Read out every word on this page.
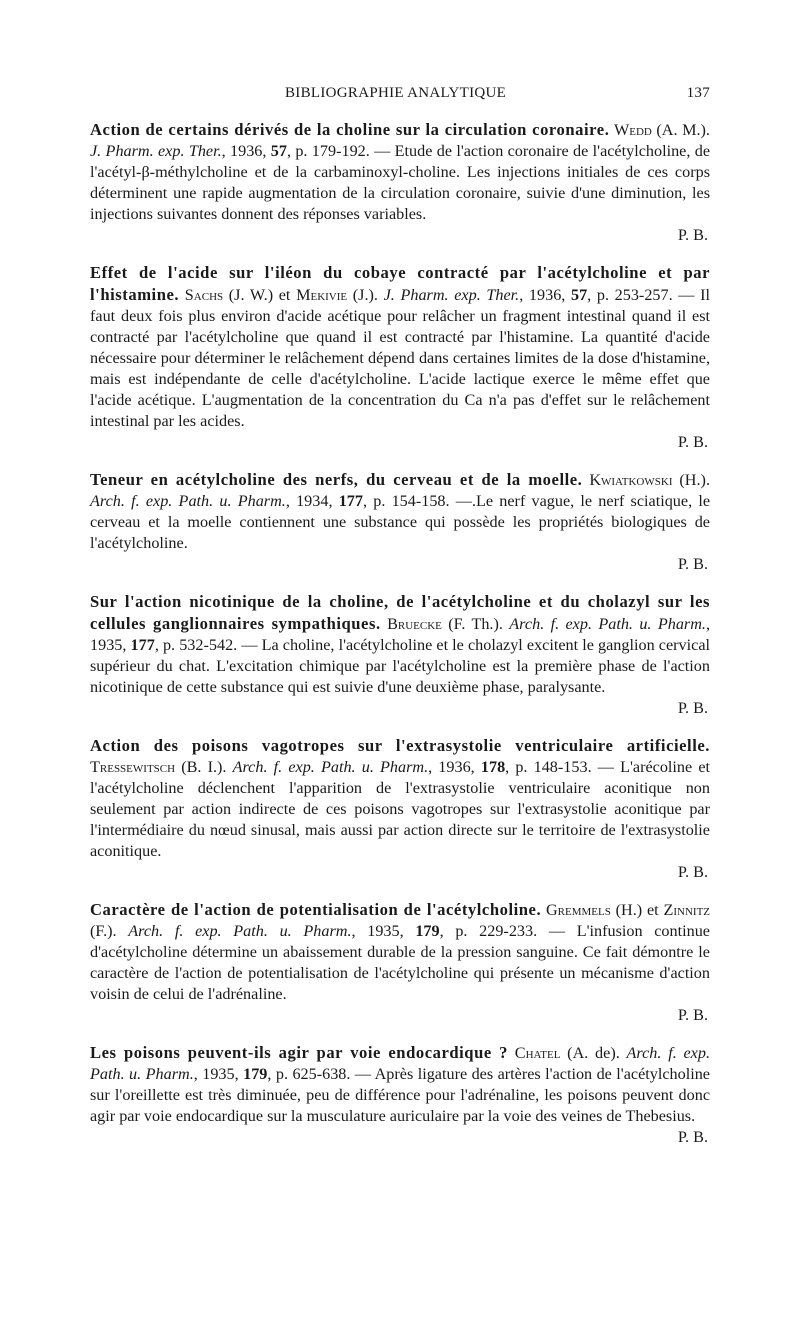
BIBLIOGRAPHIE ANALYTIQUE	137
Action de certains dérivés de la choline sur la circulation coronaire. Wedd (A. M.). J. Pharm. exp. Ther., 1936, 57, p. 179-192. — Etude de l'action coronaire de l'acétylcholine, de l'acétyl-β-méthylcholine et de la carbaminoxyl-choline. Les injections initiales de ces corps déterminent une rapide augmentation de la circulation coronaire, suivie d'une diminution, les injections suivantes donnent des réponses variables.
P. B.
Effet de l'acide sur l'iléon du cobaye contracté par l'acétylcholine et par l'histamine. Sachs (J. W.) et Mekivie (J.). J. Pharm. exp. Ther., 1936, 57, p. 253-257. — Il faut deux fois plus environ d'acide acétique pour relâcher un fragment intestinal quand il est contracté par l'acétylcholine que quand il est contracté par l'histamine. La quantité d'acide nécessaire pour déterminer le relâchement dépend dans certaines limites de la dose d'histamine, mais est indépendante de celle d'acétylcholine. L'acide lactique exerce le même effet que l'acide acétique. L'augmentation de la concentration du Ca n'a pas d'effet sur le relâchement intestinal par les acides.
P. B.
Teneur en acétylcholine des nerfs, du cerveau et de la moelle. Kwiatkowski (H.). Arch. f. exp. Path. u. Pharm., 1934, 177, p. 154-158. —.Le nerf vague, le nerf sciatique, le cerveau et la moelle contiennent une substance qui possède les propriétés biologiques de l'acétylcholine.
P. B.
Sur l'action nicotinique de la choline, de l'acétylcholine et du cholazyl sur les cellules ganglionnaires sympathiques. Bruecke (F. Th.). Arch. f. exp. Path. u. Pharm., 1935, 177, p. 532-542. — La choline, l'acétylcholine et le cholazyl excitent le ganglion cervical supérieur du chat. L'excitation chimique par l'acétylcholine est la première phase de l'action nicotinique de cette substance qui est suivie d'une deuxième phase, paralysante.
P. B.
Action des poisons vagotropes sur l'extrasystolie ventriculaire artificielle. Tressewitsch (B. I.). Arch. f. exp. Path. u. Pharm., 1936, 178, p. 148-153. — L'arécoline et l'acétylcholine déclenchent l'apparition de l'extrasystolie ventriculaire aconitique non seulement par action indirecte de ces poisons vagotropes sur l'extrasystolie aconitique par l'intermédiaire du nœud sinusal, mais aussi par action directe sur le territoire de l'extrasystolie aconitique.
P. B.
Caractère de l'action de potentialisation de l'acétylcholine. Gremmels (H.) et Zinnitz (F.). Arch. f. exp. Path. u. Pharm., 1935, 179, p. 229-233. — L'infusion continue d'acétylcholine détermine un abaissement durable de la pression sanguine. Ce fait démontre le caractère de l'action de potentialisation de l'acétylcholine qui présente un mécanisme d'action voisin de celui de l'adrénaline.
P. B.
Les poisons peuvent-ils agir par voie endocardique ? Chatel (A. de). Arch. f. exp. Path. u. Pharm., 1935, 179, p. 625-638. — Après ligature des artères l'action de l'acétylcholine sur l'oreillette est très diminuée, peu de différence pour l'adrénaline, les poisons peuvent donc agir par voie endocardique sur la musculature auriculaire par la voie des veines de Thebesius.
P. B.
